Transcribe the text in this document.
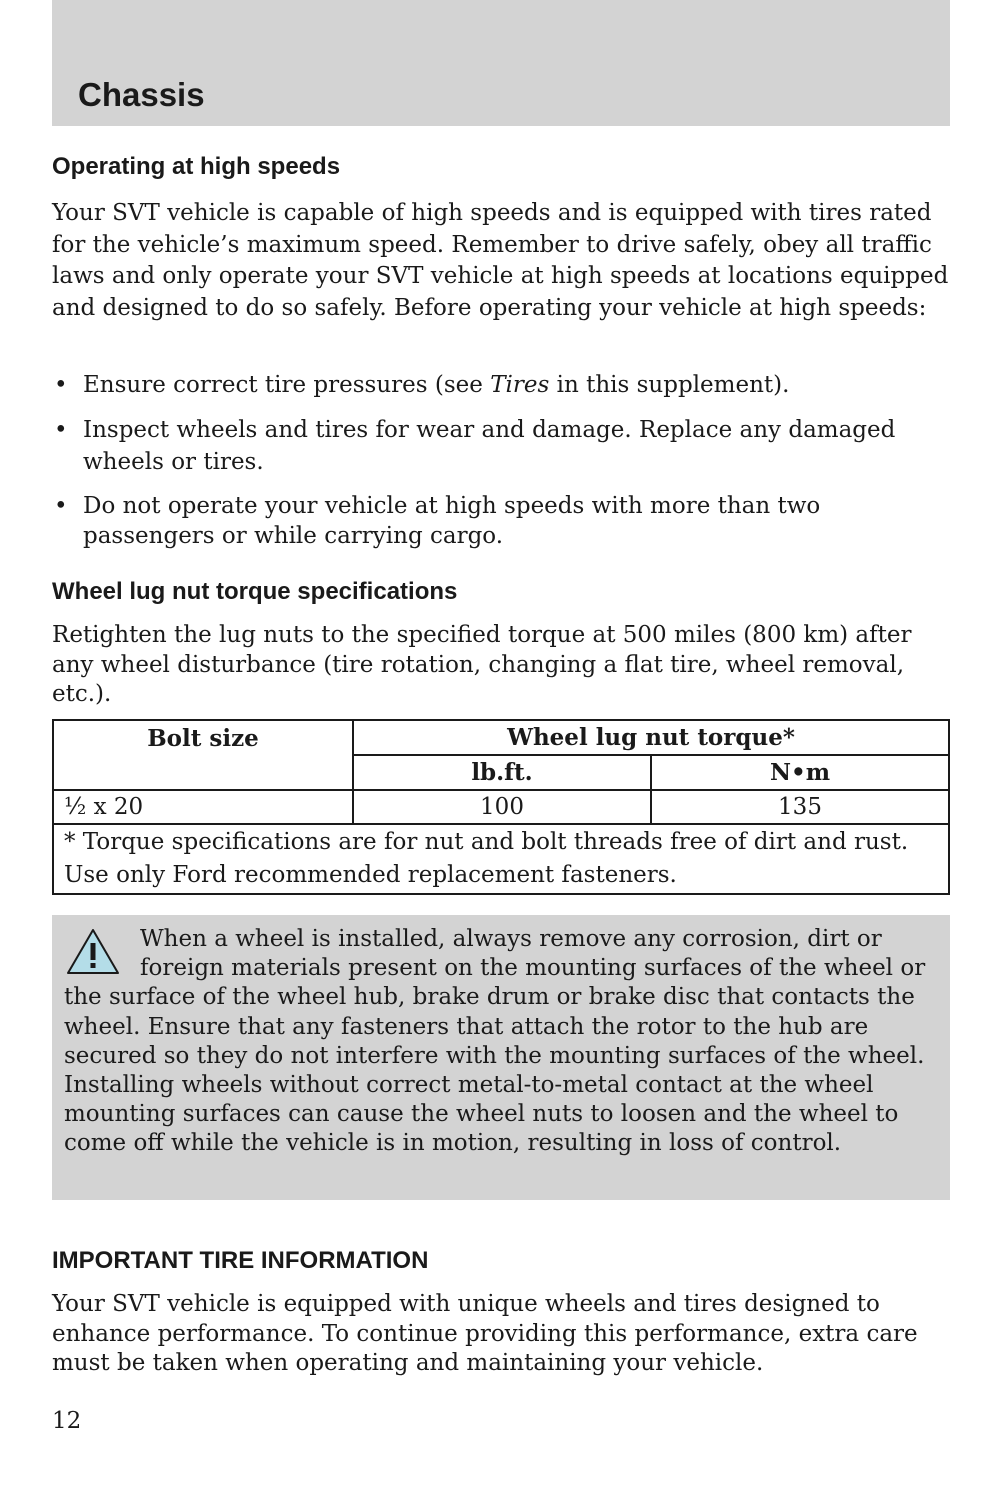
Chassis
Operating at high speeds

Your SVT vehicle is capable of high speeds and is equipped with tires rated for the vehicle’s maximum speed. Remember to drive safely, obey all traffic laws and only operate your SVT vehicle at high speeds at locations equipped and designed to do so safely. Before operating your vehicle at high speeds:

• Ensure correct tire pressures (see Tires in this supplement).
• Inspect wheels and tires for wear and damage. Replace any damaged wheels or tires.
• Do not operate your vehicle at high speeds with more than two passengers or while carrying cargo.
Wheel lug nut torque specifications

Retighten the lug nuts to the specified torque at 500 miles (800 km) after any wheel disturbance (tire rotation, changing a flat tire, wheel removal, etc.).

Bolt size	Wheel lug nut torque*	
	lb.ft.	N•m
½ x 20	100	135
* Torque specifications are for nut and bolt threads free of dirt and rust. Use only Ford recommended replacement fasteners.		
When a wheel is installed, always remove any corrosion, dirt or foreign materials present on the mounting surfaces of the wheel or the surface of the wheel hub, brake drum or brake disc that contacts the wheel. Ensure that any fasteners that attach the rotor to the hub are secured so they do not interfere with the mounting surfaces of the wheel. Installing wheels without correct metal-to-metal contact at the wheel mounting surfaces can cause the wheel nuts to loosen and the wheel to come off while the vehicle is in motion, resulting in loss of control.
IMPORTANT TIRE INFORMATION

Your SVT vehicle is equipped with unique wheels and tires designed to enhance performance. To continue providing this performance, extra care must be taken when operating and maintaining your vehicle.

12
